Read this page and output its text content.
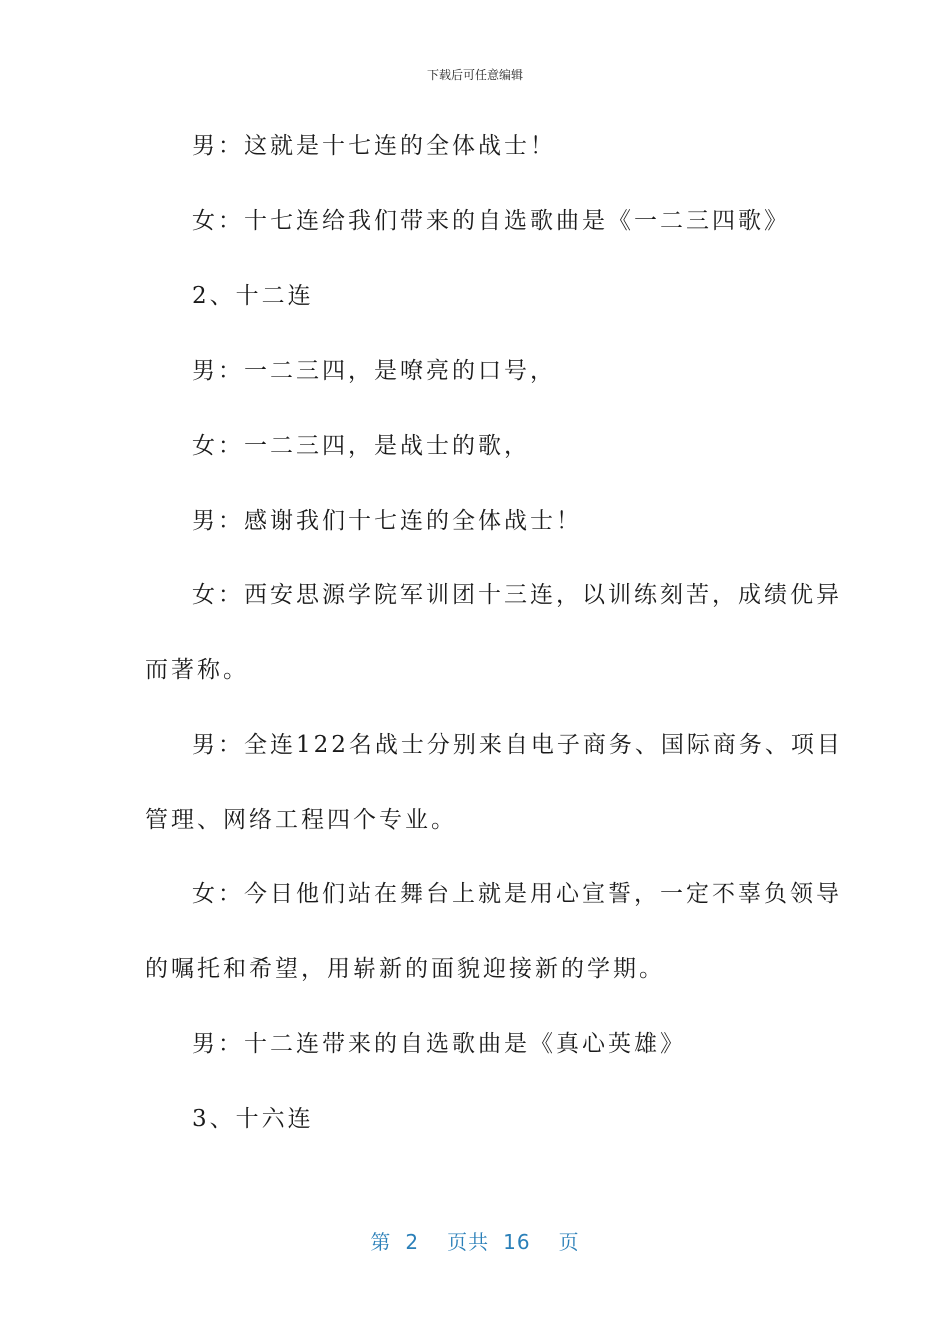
下载后可任意编辑
男：这就是十七连的全体战士！
女：十七连给我们带来的自选歌曲是《一二三四歌》
2、十二连
男：一二三四，是嘹亮的口号，
女：一二三四，是战士的歌，
男：感谢我们十七连的全体战士！
女：西安思源学院军训团十三连，以训练刻苦，成绩优异
而著称。
男：全连122名战士分别来自电子商务、国际商务、项目
管理、网络工程四个专业。
女：今日他们站在舞台上就是用心宣誓，一定不辜负领导
的嘱托和希望，用崭新的面貌迎接新的学期。
男：十二连带来的自选歌曲是《真心英雄》
3、十六连
第 2 页共 16 页
